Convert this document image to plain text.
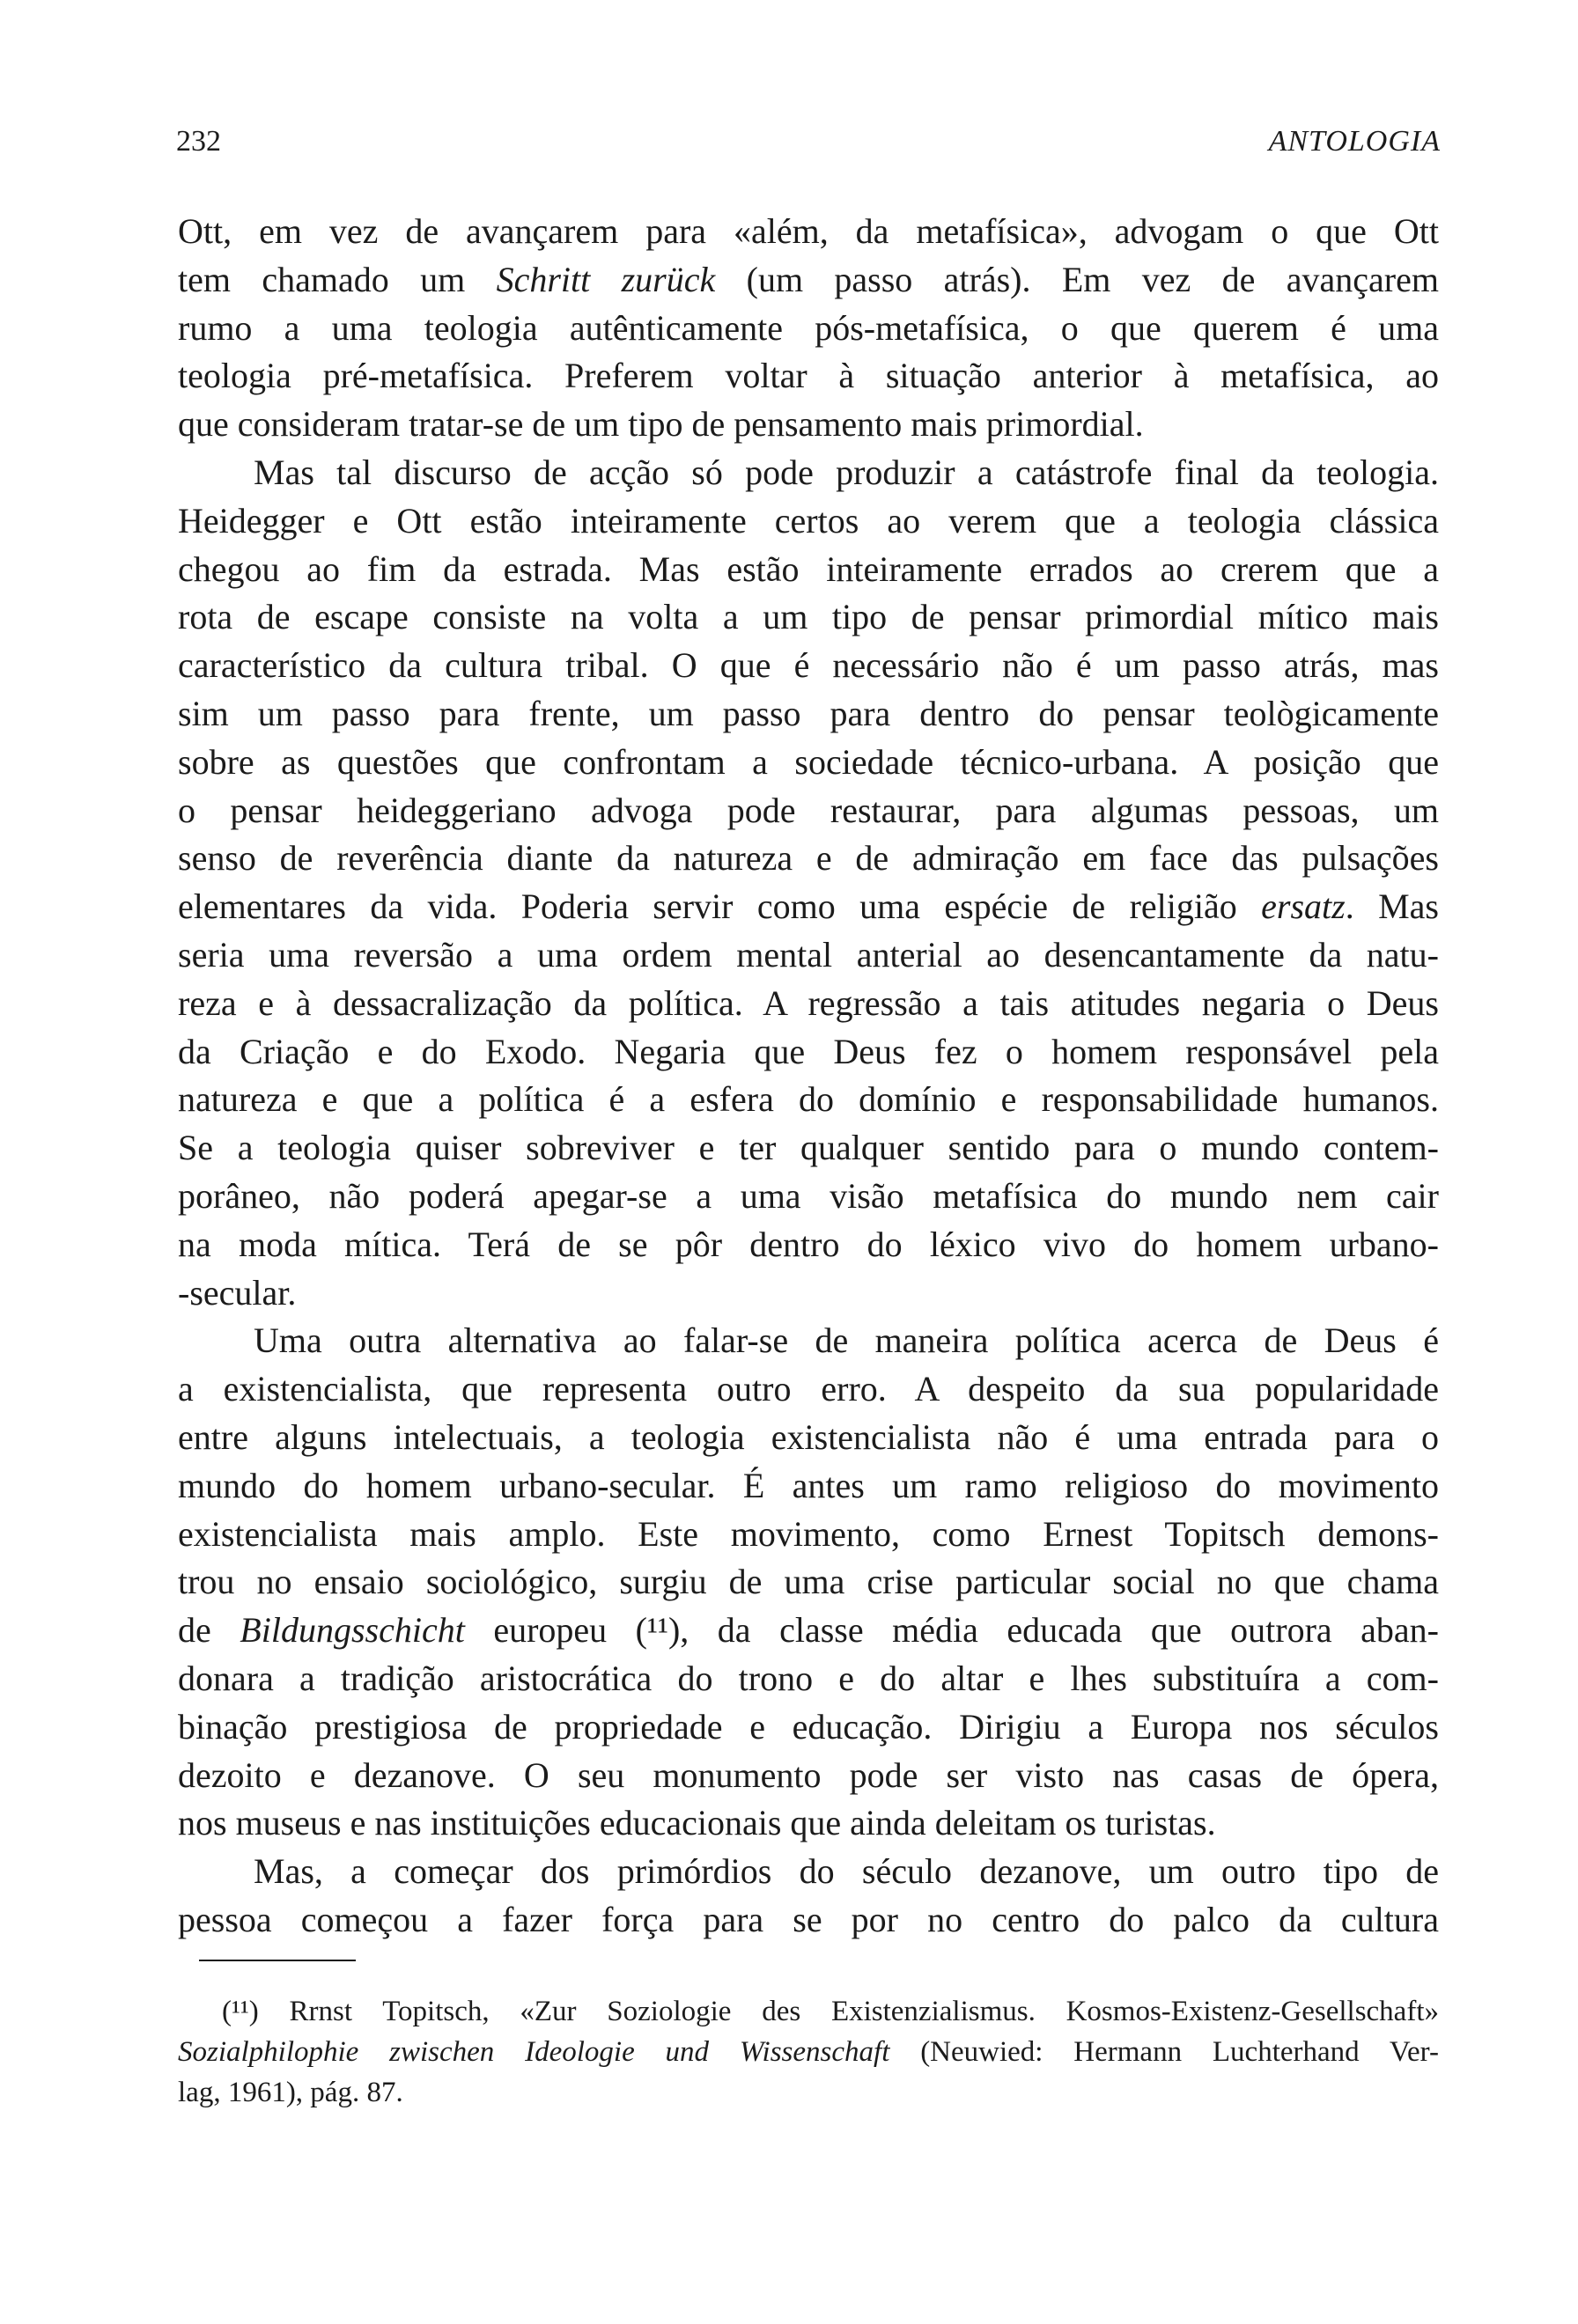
232	ANTOLOGIA
Ott, em vez de avançarem para «além, da metafísica», advogam o que Ott
tem chamado um Schritt zurück (um passo atrás). Em vez de avançarem
rumo a uma teologia autênticamente pós-metafísica, o que querem é uma
teologia pré-metafísica. Preferem voltar à situação anterior à metafísica, ao
que consideram tratar-se de um tipo de pensamento mais primordial.
Mas tal discurso de acção só pode produzir a catástrofe final da teologia.
Heidegger e Ott estão inteiramente certos ao verem que a teologia clássica
chegou ao fim da estrada. Mas estão inteiramente errados ao crerem que a
rota de escape consiste na volta a um tipo de pensar primordial mítico mais
característico da cultura tribal. O que é necessário não é um passo atrás, mas
sim um passo para frente, um passo para dentro do pensar teològicamente
sobre as questões que confrontam a sociedade técnico-urbana. A posição que
o pensar heideggeriano advoga pode restaurar, para algumas pessoas, um
senso de reverência diante da natureza e de admiração em face das pulsações
elementares da vida. Poderia servir como uma espécie de religião ersatz. Mas
seria uma reversão a uma ordem mental anterial ao desencantamente da natu-
reza e à dessacralização da política. A regressão a tais atitudes negaria o Deus
da Criação e do Exodo. Negaria que Deus fez o homem responsável pela
natureza e que a política é a esfera do domínio e responsabilidade humanos.
Se a teologia quiser sobreviver e ter qualquer sentido para o mundo contem-
porâneo, não poderá apegar-se a uma visão metafísica do mundo nem cair
na moda mítica. Terá de se pôr dentro do léxico vivo do homem urbano-
-secular.
Uma outra alternativa ao falar-se de maneira política acerca de Deus é
a existencialista, que representa outro erro. A despeito da sua popularidade
entre alguns intelectuais, a teologia existencialista não é uma entrada para o
mundo do homem urbano-secular. É antes um ramo religioso do movimento
existencialista mais amplo. Este movimento, como Ernest Topitsch demons-
trou no ensaio sociológico, surgiu de uma crise particular social no que chama
de Bildungsschicht europeu (¹¹), da classe média educada que outrora aban-
donara a tradição aristocrática do trono e do altar e lhes substituíra a com-
binação prestigiosa de propriedade e educação. Dirigiu a Europa nos séculos
dezoito e dezanove. O seu monumento pode ser visto nas casas de ópera,
nos museus e nas instituições educacionais que ainda deleitam os turistas.
Mas, a começar dos primórdios do século dezanove, um outro tipo de
pessoa começou a fazer força para se por no centro do palco da cultura
(¹¹) Rrnst Topitsch, «Zur Soziologie des Existenzialismus. Kosmos-Existenz-Gesellschaft»
Sozialphilophie zwischen Ideologie und Wissenschaft (Neuwied: Hermann Luchterhand Ver-
lag, 1961), pág. 87.
